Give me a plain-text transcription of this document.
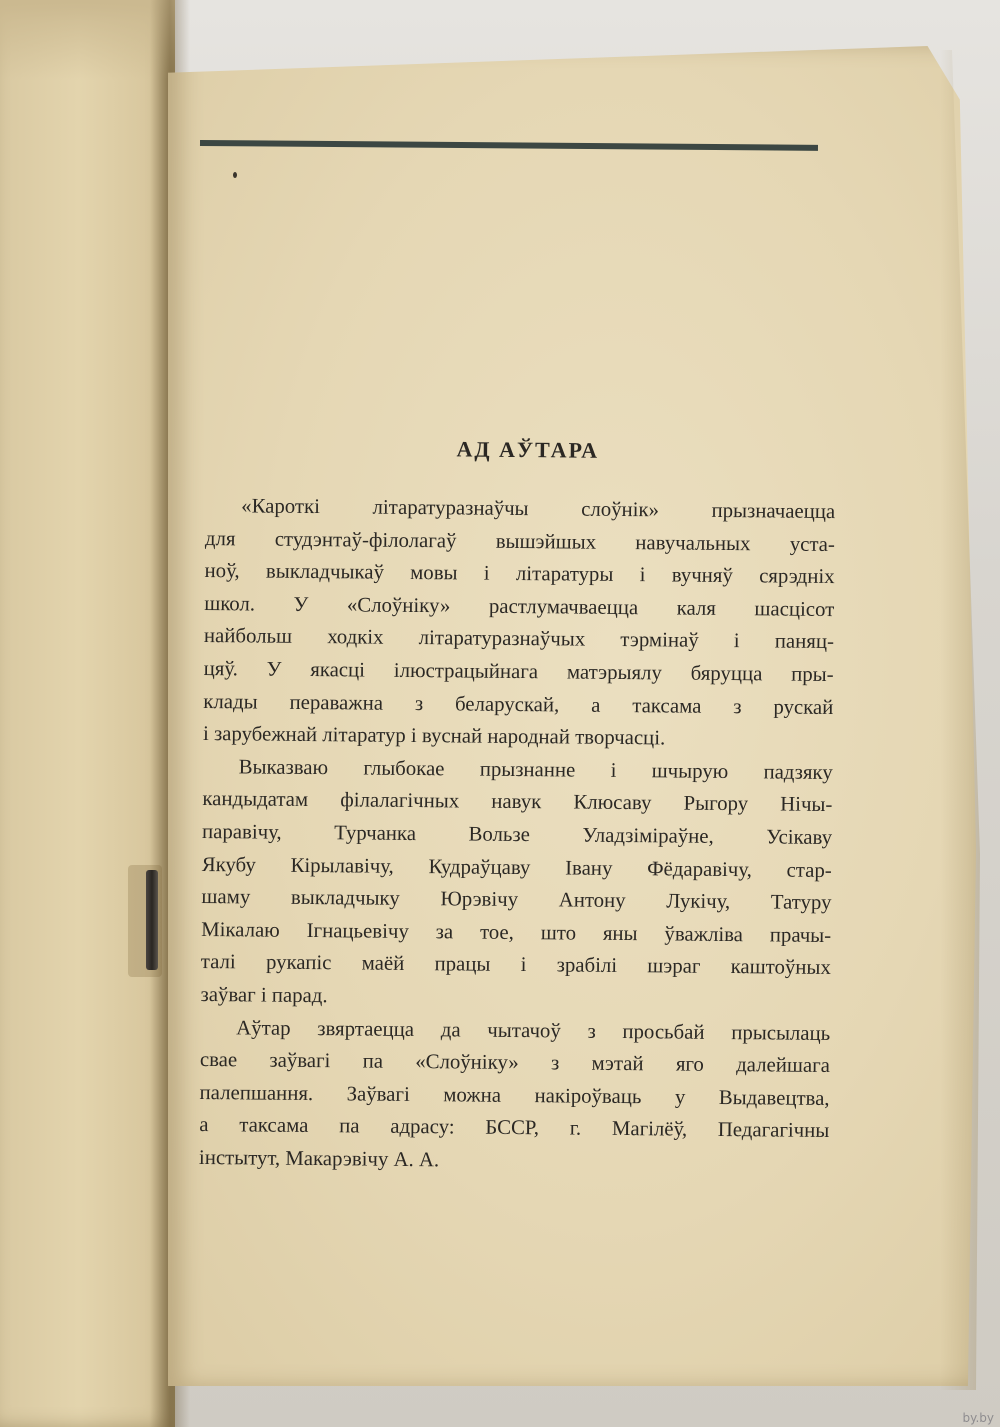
АД АЎТАРА

«Кароткі літаратуразнаўчы слоўнік» прызначаецца
для студэнтаў-філолагаў вышэйшых навучальных уста-
ноў, выкладчыкаў мовы і літаратуры і вучняў сярэдніх
школ. У «Слоўніку» растлумачваецца каля шасцісот
найбольш ходкіх літаратуразнаўчых тэрмінаў і паняц-
цяў. У якасці ілюстрацыйнага матэрыялу бяруцца пры-
клады пераважна з беларускай, а таксама з рускай
і зарубежнай літаратур і вуснай народнай творчасці.

Выказваю глыбокае прызнанне і шчырую падзяку
кандыдатам філалагічных навук Клюсаву Рыгору Нічы-
паравічу, Турчанка Вользе Уладзіміраўне, Усікаву
Якубу Кірылавічу, Кудраўцаву Івану Фёдаравічу, стар-
шаму выкладчыку Юрэвічу Антону Лукічу, Татуру
Мікалаю Ігнацьевічу за тое, што яны ўважліва прачы-
талі рукапіс маёй працы і зрабілі шэраг каштоўных
заўваг і парад.

Аўтар звяртаецца да чытачоў з просьбай прысылаць
свае заўвагі па «Слоўніку» з мэтай яго далейшага
палепшання. Заўвагі можна накіроўваць у Выдавецтва,
а таксама па адрасу: БССР, г. Магілёў, Педагагічны
інстытут, Макарэвічу А. А.

by.by
